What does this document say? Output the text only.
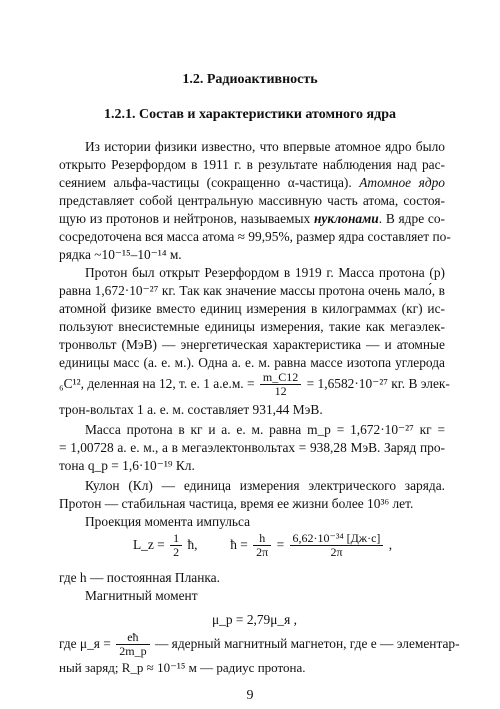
1.2. Радиоактивность
1.2.1. Состав и характеристики атомного ядра
Из истории физики известно, что впервые атомное ядро было
открыто Резерфордом в 1911 г. в результате наблюдения над рас-
сеянием альфа-частицы (сокращенно α-частица). Атомное ядро
представляет собой центральную массивную часть атома, состоя-
щую из протонов и нейтронов, называемых нуклонами. В ядре со-
сосредоточена вся масса атома ≈ 99,95%, размер ядра составляет по-
рядка ~10⁻¹⁵–10⁻¹⁴ м.
Протон был открыт Резерфордом в 1919 г. Масса протона (p)
равна 1,672·10⁻²⁷ кг. Так как значение массы протона очень мало́, в
атомной физике вместо единиц измерения в килограммах (кг) ис-
пользуют внесистемные единицы измерения, такие как мегаэлек-
тронвольт (МэВ) — энергетическая характеристика — и атомные
единицы масс (а. е. м.). Одна а. е. м. равна массе изотопа углерода
₆C¹², деленная на 12, т. е. 1 а.е.м. = $\frac{m\_C12}{12} = 1,6582\cdot 10^{-27}$ кг. В элек-
трон-вольтах 1 а. е. м. составляет 931,44 МэВ.
Масса протона в кг и а. е. м. равна m_p = 1,672·10⁻²⁷ кг =
= 1,00728 а. е. м., а в мегаэлектонвольтах = 938,28 МэВ. Заряд про-
тона q_p = 1,6·10⁻¹⁹ Кл.
Кулон (Кл) — единица измерения электрического заряда.
Протон — стабильная частица, время ее жизни более 10³⁶ лет.
Проекция момента импульса
L_z = $\frac{1}{2}$ ħ, ħ = $\frac{h}{2\pi} = \frac{\text{6,62·10⁻³⁴ [Дж·с]}}{2\pi}$ ,
где h — постоянная Планка.
Магнитный момент
μ_p = 2,79μ_я ,
где μ_я = $\frac{eħ}{2m\_p}$ — ядерный магнитный магнетон, где e — элементар-
ный заряд; R_p ≈ 10⁻¹⁵ м — радиус протона.
9
